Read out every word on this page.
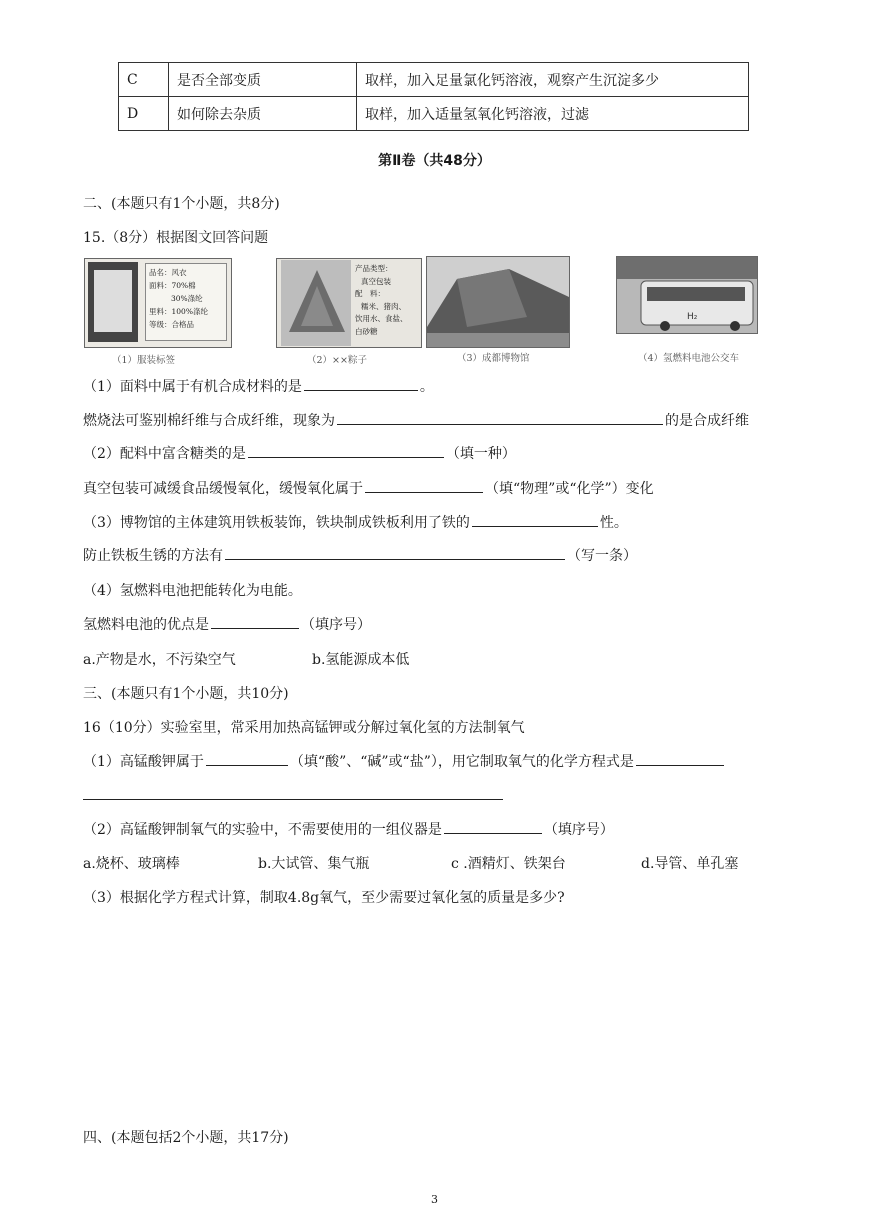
C	是否全部变质	取样，加入足量氯化钙溶液，观察产生沉淀多少
D	如何除去杂质	取样，加入适量氢氧化钙溶液，过滤
第Ⅱ卷（共48分）
二、(本题只有1个小题，共8分)
15.（8分）根据图文回答问题
品名：风衣
面料：70%棉
30%涤纶
里料：100%涤纶
等级：合格品
（1）服装标签
产品类型：
真空包装
配　料：
糯米、猪肉、
饮用水、食盐、
白砂糖
（2）××粽子	（3）成都博物馆
H₂
（4）氢燃料电池公交车
（1）面料中属于有机合成材料的是	。
燃烧法可鉴别棉纤维与合成纤维，现象为	的是合成纤维
（2）配料中富含糖类的是	（填一种）
真空包装可减缓食品缓慢氧化，缓慢氧化属于	（填“物理”或“化学”）变化
（3）博物馆的主体建筑用铁板装饰，铁块制成铁板利用了铁的	性。
防止铁板生锈的方法有	（写一条）
（4）氢燃料电池把能转化为电能。
氢燃料电池的优点是	（填序号）
a.产物是水，不污染空气	b.氢能源成本低
三、(本题只有1个小题，共10分)
16（10分）实验室里，常采用加热高锰钾或分解过氧化氢的方法制氧气
（1）高锰酸钾属于	（填“酸”、“碱”或“盐”），用它制取氧气的化学方程式是
（2）高锰酸钾制氧气的实验中，不需要使用的一组仪器是	（填序号）
a.烧杯、玻璃棒	b.大试管、集气瓶	c .酒精灯、铁架台	d.导管、单孔塞
（3）根据化学方程式计算，制取4.8g氧气，至少需要过氧化氢的质量是多少?
四、(本题包括2个小题，共17分)
3
